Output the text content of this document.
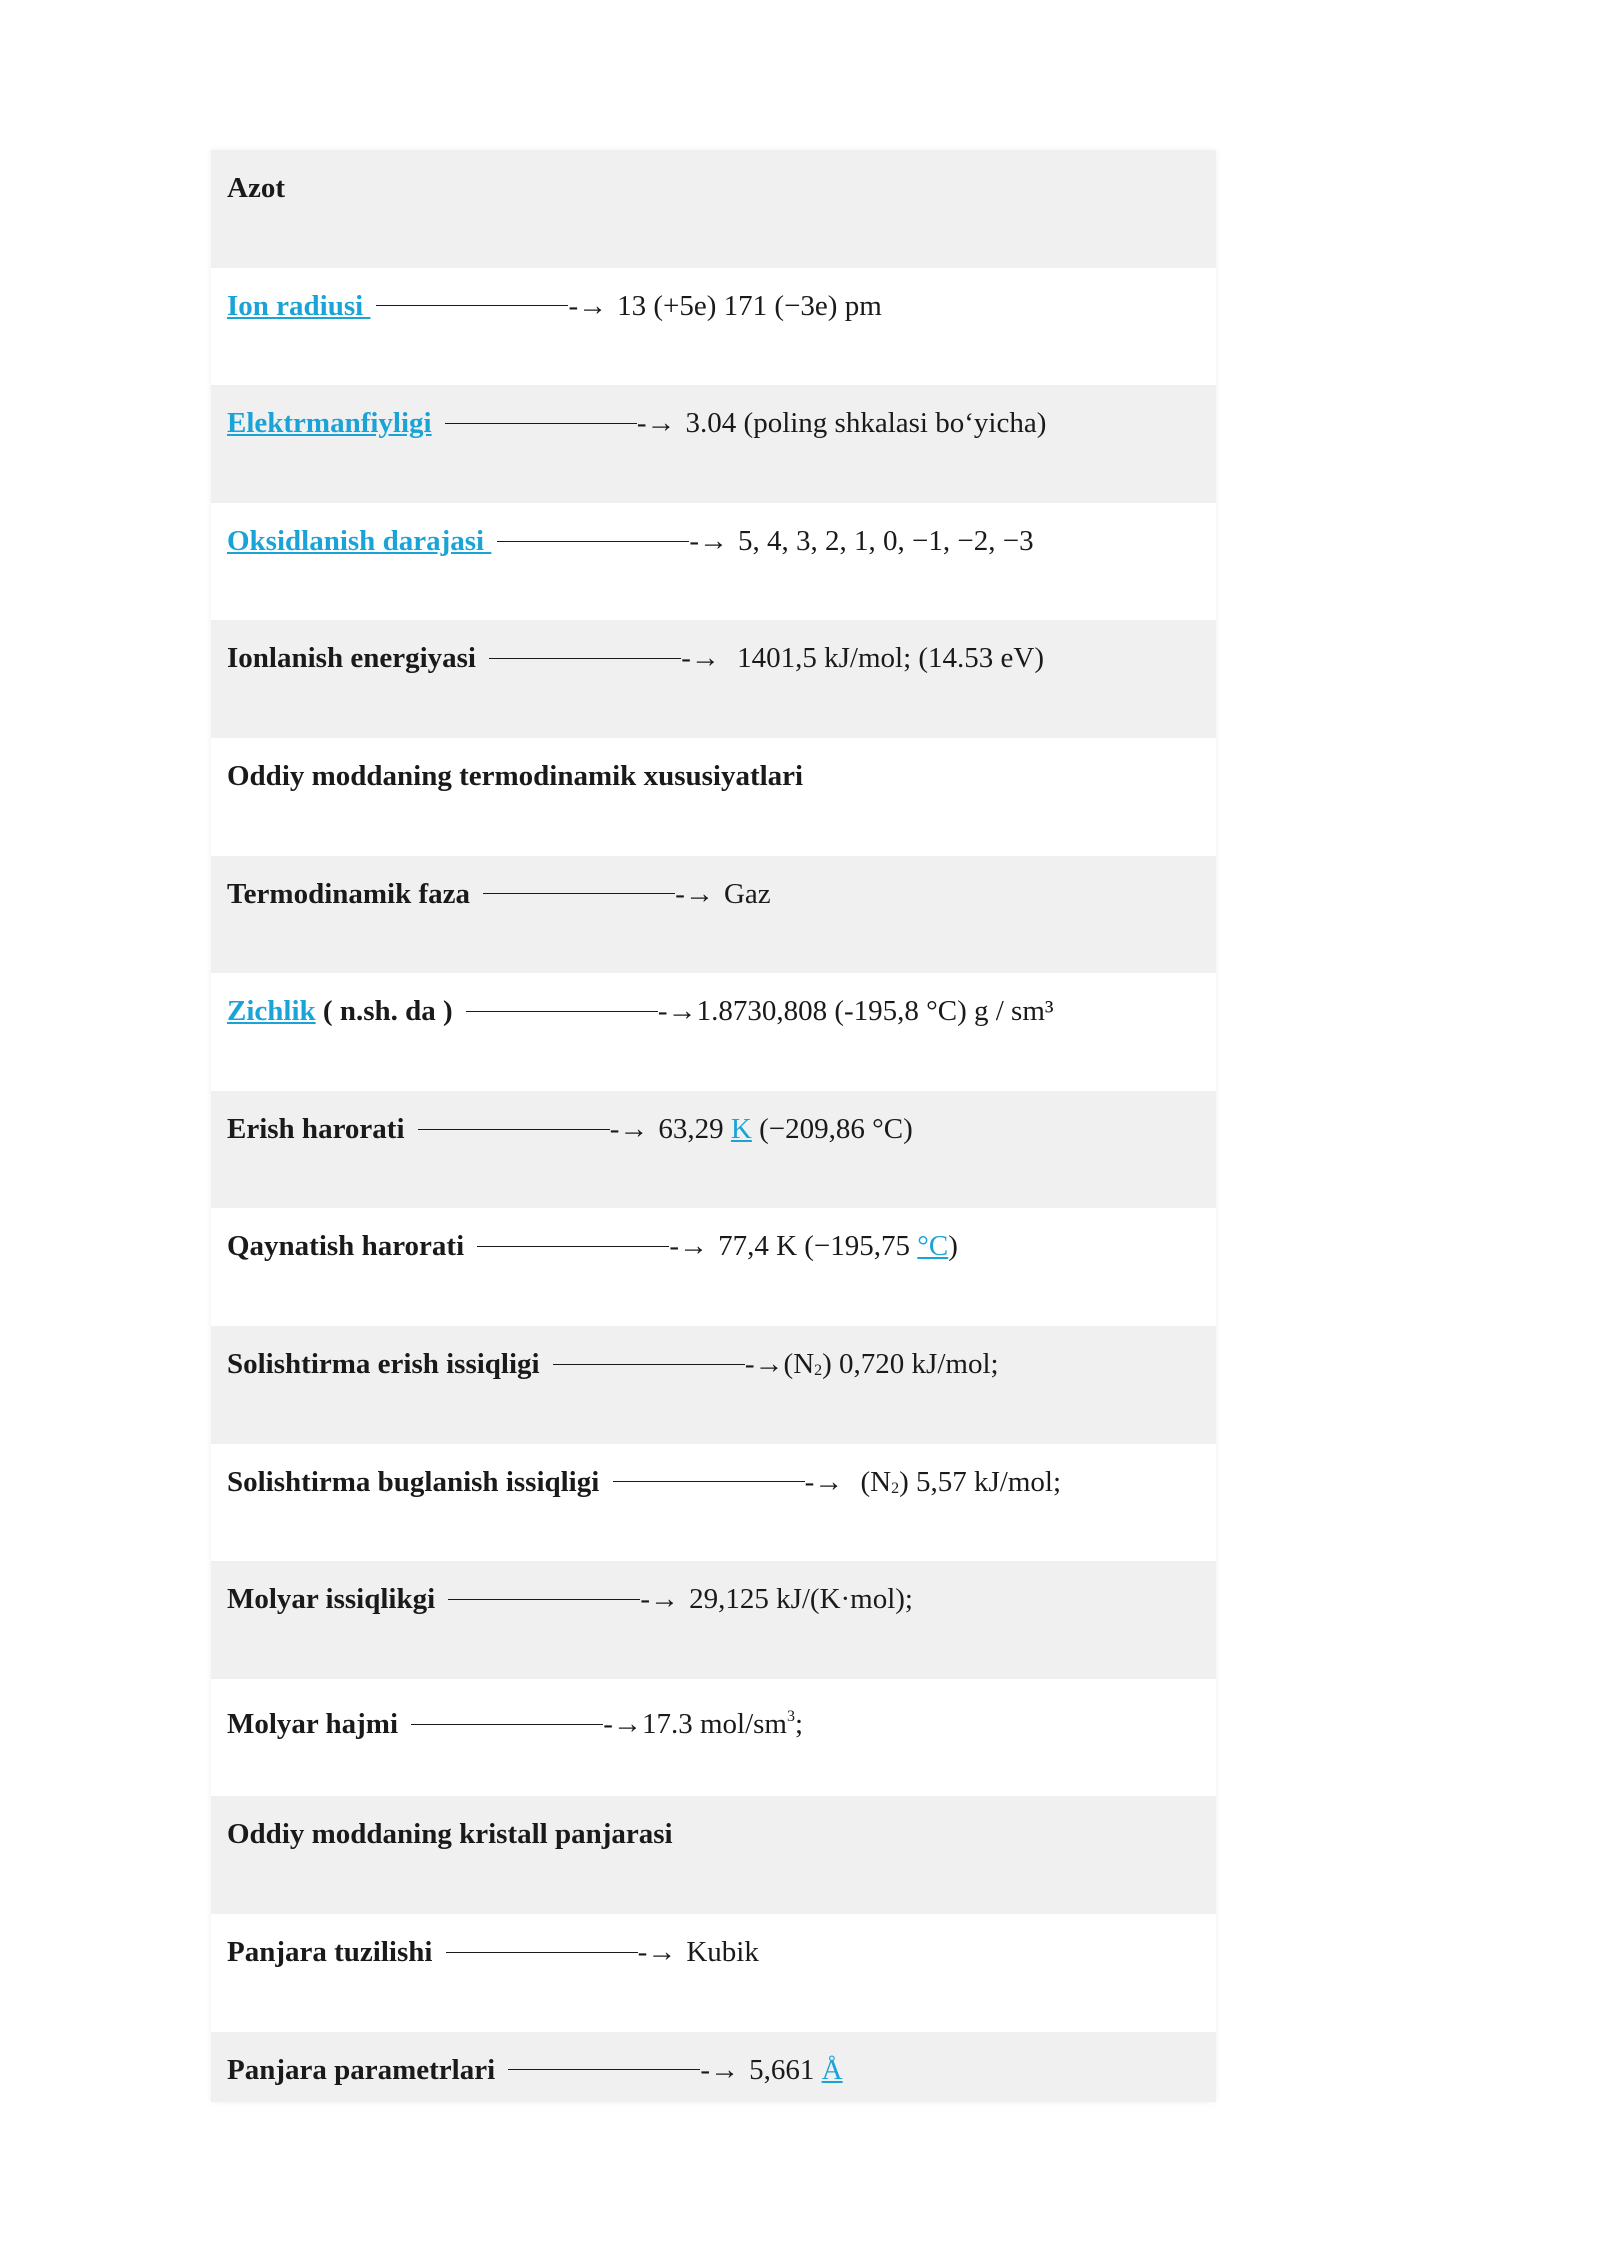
Azot
Ion radiusi	-→ 13 (+5e) 171 (−3e) pm
Elektrmanfiyligi	-→ 3.04 (poling shkalasi bo‘yicha)
Oksidlanish darajasi	-→ 5, 4, 3, 2, 1, 0, −1, −2, −3
Ionlanish energiyasi	-→ 1401,5 kJ/mol; (14.53 eV)
Oddiy moddaning termodinamik xususiyatlari
Termodinamik faza	-→ Gaz
Zichlik ( n.sh. da )	-→1.8730,808 (-195,8 °C) g / sm³
Erish harorati	-→ 63,29 K (−209,86 °C)
Qaynatish harorati	-→ 77,4 K (−195,75 °C)
Solishtirma erish issiqligi	-→(N2) 0,720 kJ/mol;
Solishtirma buglanish issiqligi	-→ (N2) 5,57 kJ/mol;
Molyar issiqlikgi	-→ 29,125 kJ/(K·mol);
Molyar hajmi	-→17.3 mol/$sm^3$;
Oddiy moddaning kristall panjarasi
Panjara tuzilishi	-→ Kubik
Panjara parametrlari	-→ 5,661 Å
